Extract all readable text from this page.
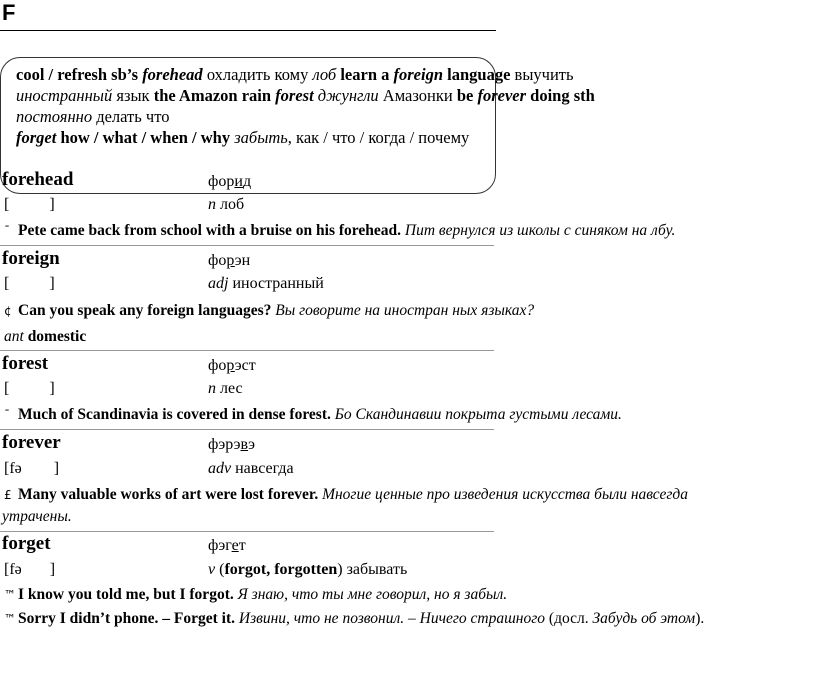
F
cool / refresh sb’s forehead охладить кому лоб learn a foreign language выучить
иностранный язык the Amazon rain forest джунгли Амазонки be forever doing sth
постоянно делать что
forget how / what / when / why забыть, как / что / когда / почему
forehead	форид
[          ]	n лоб
¯ Pete came back from school with a bruise on his forehead. Пит вернулся из школы с синяком на лбу.
foreign	форэн
[          ]	adj иностранный
¢ Can you speak any foreign languages? Вы говорите на иностран ных языках?
ant domestic
forest	форэст
[          ]	n лес
¯ Much of Scandinavia is covered in dense forest. Бо Скандинавии покрыта густыми лесами.
forever	фэрэвэ
[fə        ]	adv навсегда
£ Many valuable works of art were lost forever. Многие ценные про изведения искусства были навсегда
утрачены.
forget	фэгет
[fə       ]	v (forgot, forgotten) забывать
™ I know you told me, but I forgot. Я знаю, что ты мне говорил, но я забыл.
™ Sorry I didn’t phone. – Forget it. Извини, что не позвонил. – Ничего страшного (досл. Забудь об этом).
